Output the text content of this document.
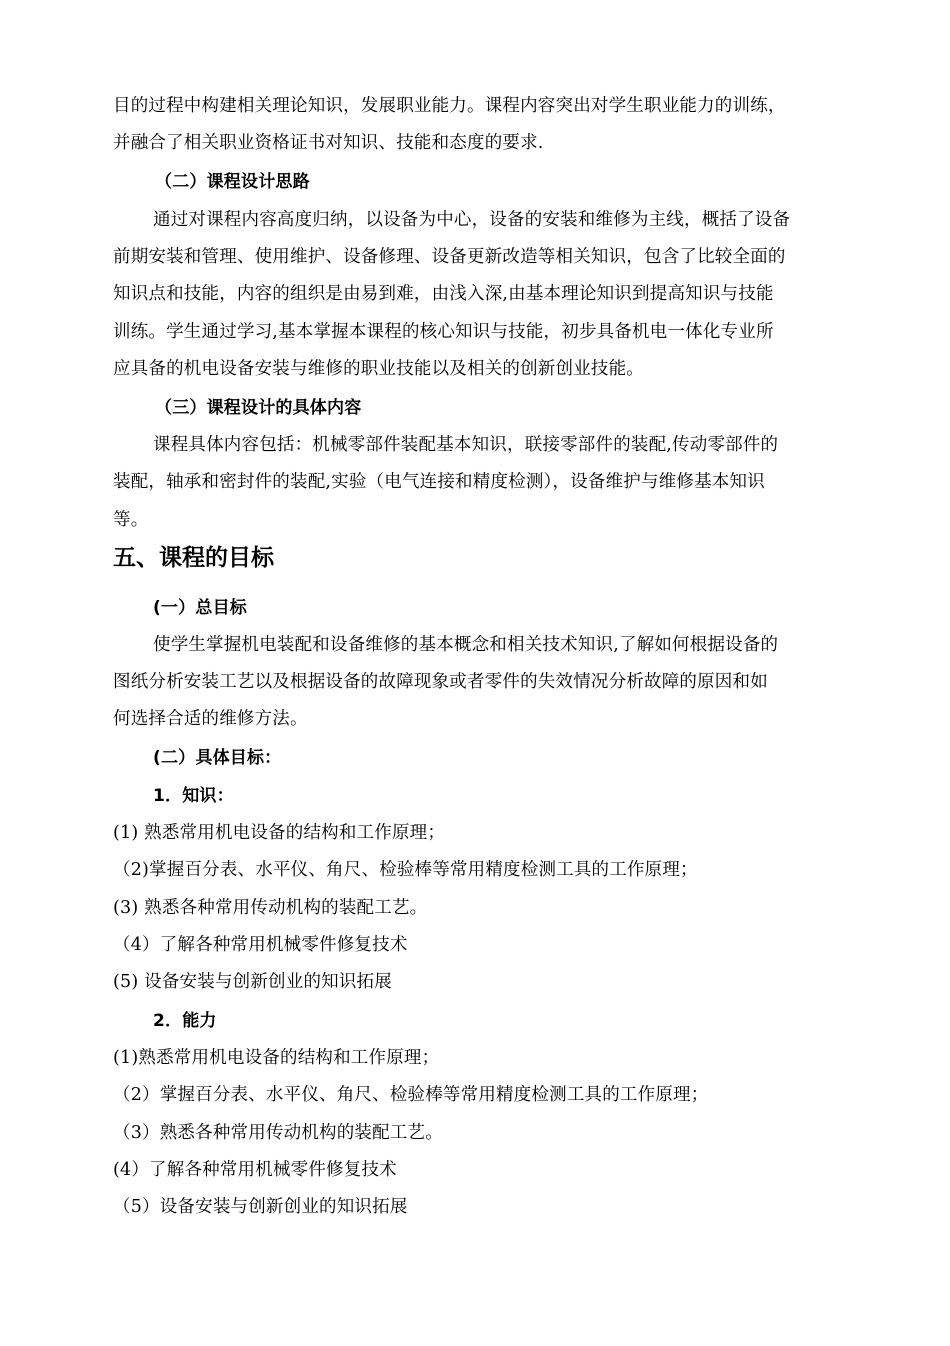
目的过程中构建相关理论知识，发展职业能力。课程内容突出对学生职业能力的训练，
并融合了相关职业资格证书对知识、技能和态度的要求.
（二）课程设计思路
通过对课程内容高度归纳，以设备为中心，设备的安装和维修为主线，概括了设备
前期安装和管理、使用维护、设备修理、设备更新改造等相关知识，包含了比较全面的
知识点和技能，内容的组织是由易到难，由浅入深,由基本理论知识到提高知识与技能
训练。学生通过学习,基本掌握本课程的核心知识与技能，初步具备机电一体化专业所
应具备的机电设备安装与维修的职业技能以及相关的创新创业技能。
（三）课程设计的具体内容
课程具体内容包括：机械零部件装配基本知识，联接零部件的装配,传动零部件的
装配，轴承和密封件的装配,实验（电气连接和精度检测），设备维护与维修基本知识
等。
五、课程的目标
(一）总目标
使学生掌握机电装配和设备维修的基本概念和相关技术知识,了解如何根据设备的
图纸分析安装工艺以及根据设备的故障现象或者零件的失效情况分析故障的原因和如
何选择合适的维修方法。
(二）具体目标：
1．知识：
(1) 熟悉常用机电设备的结构和工作原理；
（2)掌握百分表、水平仪、角尺、检验棒等常用精度检测工具的工作原理；
(3) 熟悉各种常用传动机构的装配工艺。
（4）了解各种常用机械零件修复技术
(5) 设备安装与创新创业的知识拓展
2．能力
(1)熟悉常用机电设备的结构和工作原理；
（2）掌握百分表、水平仪、角尺、检验棒等常用精度检测工具的工作原理；
（3）熟悉各种常用传动机构的装配工艺。
(4）了解各种常用机械零件修复技术
（5）设备安装与创新创业的知识拓展
